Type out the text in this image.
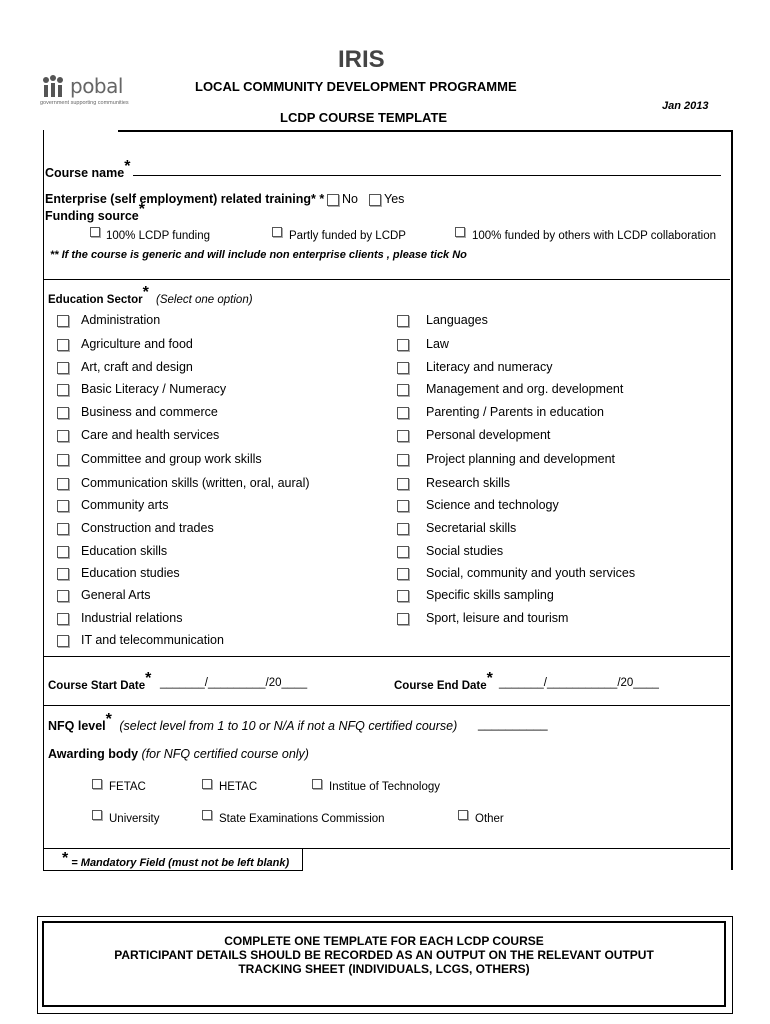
IRIS
LOCAL COMMUNITY DEVELOPMENT PROGRAMME
LCDP COURSE TEMPLATE
Jan 2013
pobal
government supporting communities
Course name*
Enterprise (self employment) related training* * No Yes
Funding source*
100% LCDP funding	Partly funded by LCDP	100% funded by others with LCDP collaboration
** If the course is generic and will include non enterprise clients , please tick No
Education Sector* (Select one option)
Administration
Agriculture and food
Art, craft and design
Basic Literacy / Numeracy
Business and commerce
Care and health services
Committee and group work skills
Communication skills (written, oral, aural)
Community arts
Construction and trades
Education skills
Education studies
General Arts
Industrial relations
IT and telecommunication
Languages
Law
Literacy and numeracy
Management and org. development
Parenting / Parents in education
Personal development
Project planning and development
Research skills
Science and technology
Secretarial skills
Social studies
Social, community and youth services
Specific skills sampling
Sport, leisure and tourism
Course Start Date* _______/_________/20____	Course End Date* _______/___________/20____
NFQ level* (select level from 1 to 10 or N/A if not a NFQ certified course) __________
Awarding body (for NFQ certified course only)
FETAC	HETAC	Institue of Technology
University	State Examinations Commission	Other
* = Mandatory Field (must not be left blank)
COMPLETE ONE TEMPLATE FOR EACH LCDP COURSE
PARTICIPANT DETAILS SHOULD BE RECORDED AS AN OUTPUT ON THE RELEVANT OUTPUT
TRACKING SHEET (INDIVIDUALS, LCGS, OTHERS)
